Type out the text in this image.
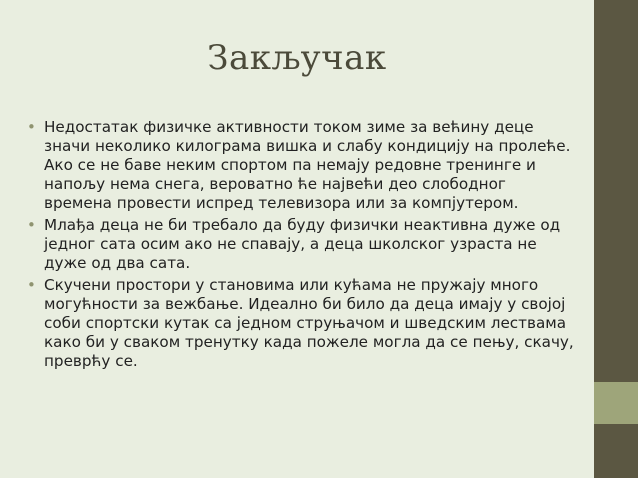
Закључак
• Недостатак физичке активности током зиме за већину деце значи неколико килограма вишка и слабу кондицију на пролеће. Ако се не баве неким спортом па немају редовне тренинге и напољу нема снега, вероватно ће највећи део слободног времена провести испред телевизора или за компјутером.
• Млађа деца не би требало да буду физички неактивна дуже од једног сата осим ако не спавају, а деца школског узраста не дуже од два сата.
• Скучени простори у становима или кућама не пружају много могућности за вежбање. Идеално би било да деца имају у својој соби спортски кутак са једном струњачом и шведским лествама како би у сваком тренутку када пожеле могла да се пењу, скачу, преврћу се.
